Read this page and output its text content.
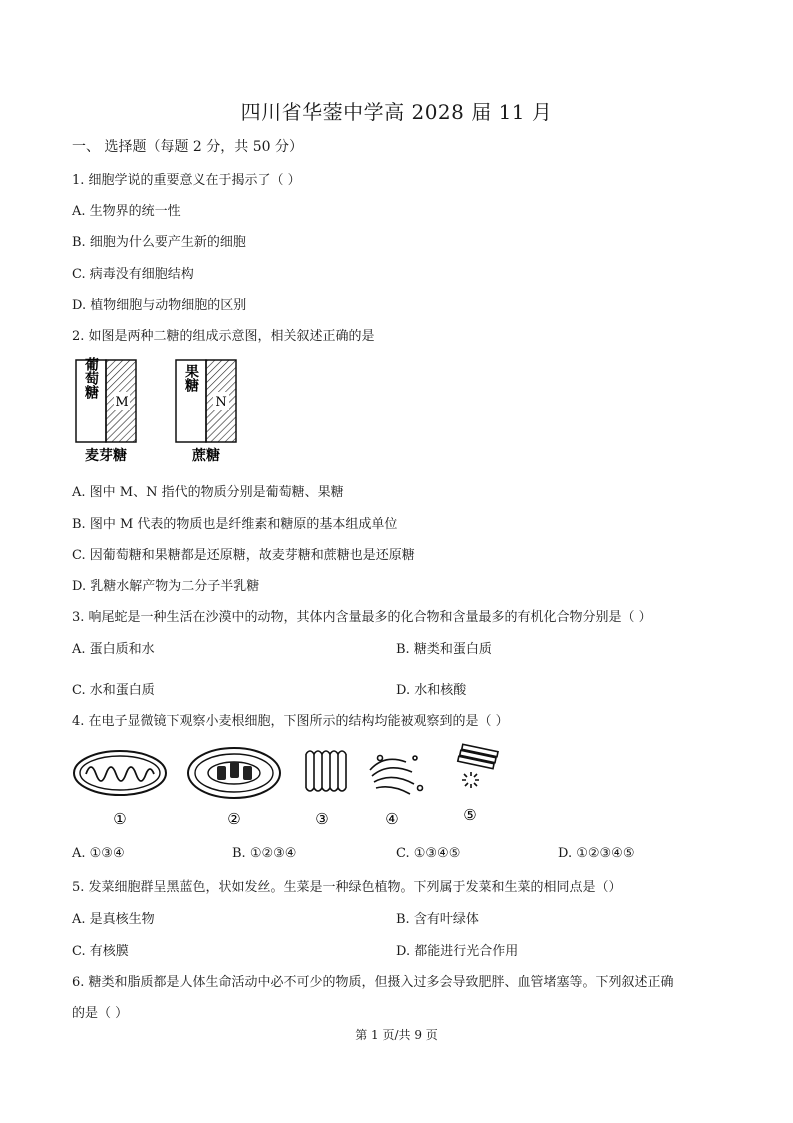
四川省华蓥中学高 2028 届 11 月
一、 选择题（每题 2 分，共 50 分）
1. 细胞学说的重要意义在于揭示了（ ）
A. 生物界的统一性
B. 细胞为什么要产生新的细胞
C. 病毒没有细胞结构
D. 植物细胞与动物细胞的区别
2. 如图是两种二糖的组成示意图，相关叙述正确的是
葡萄糖
M
麦芽糖
果糖
N
蔗糖
A. 图中 M、N 指代的物质分别是葡萄糖、果糖
B. 图中 M 代表的物质也是纤维素和糖原的基本组成单位
C. 因葡萄糖和果糖都是还原糖，故麦芽糖和蔗糖也是还原糖
D. 乳糖水解产物为二分子半乳糖
3. 响尾蛇是一种生活在沙漠中的动物，其体内含量最多的化合物和含量最多的有机化合物分别是（ ）
A. 蛋白质和水	B. 糖类和蛋白质
C. 水和蛋白质	D. 水和核酸
4. 在电子显微镜下观察小麦根细胞，下图所示的结构均能被观察到的是（ ）
①	②	③	④	⑤
A. ①③④	B. ①②③④	C. ①③④⑤	D. ①②③④⑤
5. 发菜细胞群呈黑蓝色，状如发丝。生菜是一种绿色植物。下列属于发菜和生菜的相同点是（）
A. 是真核生物	B. 含有叶绿体
C. 有核膜	D. 都能进行光合作用
6. 糖类和脂质都是人体生命活动中必不可少的物质，但摄入过多会导致肥胖、血管堵塞等。下列叙述正确
的是（ ）
第 1 页/共 9 页
